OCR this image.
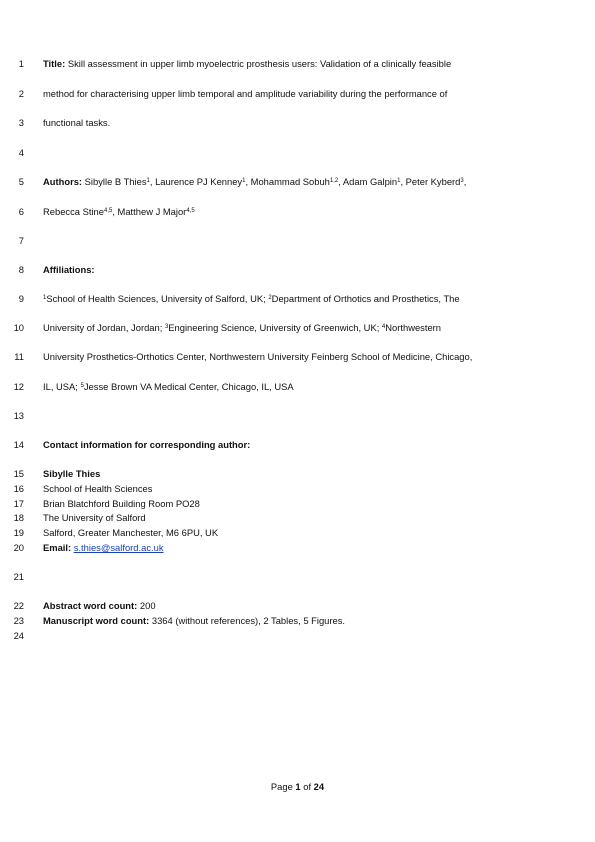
1 Title: Skill assessment in upper limb myoelectric prosthesis users: Validation of a clinically feasible
2 method for characterising upper limb temporal and amplitude variability during the performance of
3 functional tasks.
4
5 Authors: Sibylle B Thies$^1$, Laurence PJ Kenney$^1$, Mohammad Sobuh$^{1,2}$, Adam Galpin$^1$, Peter Kyberd$^3$,
6 Rebecca Stine$^{4,5}$, Matthew J Major$^{4,5}$
7
8 Affiliations:
9	$^1$School of Health Sciences, University of Salford, UK; $^2$Department of Orthotics and Prosthetics, The
10 University of Jordan, Jordan; $^3$Engineering Science, University of Greenwich, UK; $^4$Northwestern
11 University Prosthetics-Orthotics Center, Northwestern University Feinberg School of Medicine, Chicago,
12 IL, USA; $^5$Jesse Brown VA Medical Center, Chicago, IL, USA
13
14 Contact information for corresponding author:
15 Sibylle Thies
16 School of Health Sciences
17 Brian Blatchford Building Room PO28
18 The University of Salford
19 Salford, Greater Manchester, M6 6PU, UK
20 Email: s.thies@salford.ac.uk
21
22 Abstract word count: 200
23 Manuscript word count: 3364 (without references), 2 Tables, 5 Figures.
24
Page 1 of 24
